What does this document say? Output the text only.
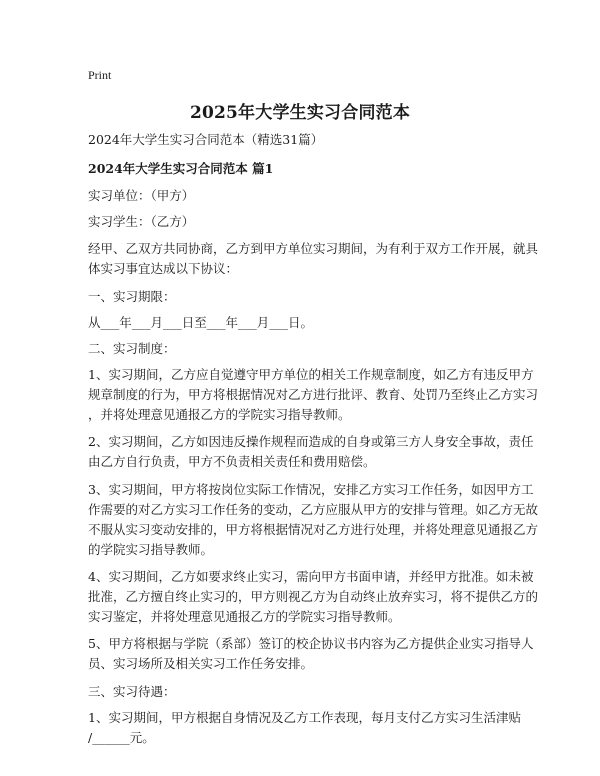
Print
2025年大学生实习合同范本
2024年大学生实习合同范本（精选31篇）
2024年大学生实习合同范本 篇1
实习单位：（甲方）
实习学生：（乙方）
经甲、乙双方共同协商，乙方到甲方单位实习期间，为有利于双方工作开展，就具
体实习事宜达成以下协议：
一、实习期限：
从___年___月___日至___年___月___日。
二、实习制度：
1、实习期间，乙方应自觉遵守甲方单位的相关工作规章制度，如乙方有违反甲方
规章制度的行为，甲方将根据情况对乙方进行批评、教育、处罚乃至终止乙方实习
，并将处理意见通报乙方的学院实习指导教师。
2、实习期间，乙方如因违反操作规程而造成的自身或第三方人身安全事故，责任
由乙方自行负责，甲方不负责相关责任和费用赔偿。
3、实习期间，甲方将按岗位实际工作情况，安排乙方实习工作任务，如因甲方工
作需要的对乙方实习工作任务的变动，乙方应服从甲方的安排与管理。如乙方无故
不服从实习变动安排的，甲方将根据情况对乙方进行处理，并将处理意见通报乙方
的学院实习指导教师。
4、实习期间，乙方如要求终止实习，需向甲方书面申请，并经甲方批准。如未被
批准，乙方擅自终止实习的，甲方则视乙方为自动终止放弃实习，将不提供乙方的
实习鉴定，并将处理意见通报乙方的学院实习指导教师。
5、甲方将根据与学院（系部）签订的校企协议书内容为乙方提供企业实习指导人
员、实习场所及相关实习工作任务安排。
三、实习待遇：
1、实习期间，甲方根据自身情况及乙方工作表现，每月支付乙方实习生活津贴
/______元。
